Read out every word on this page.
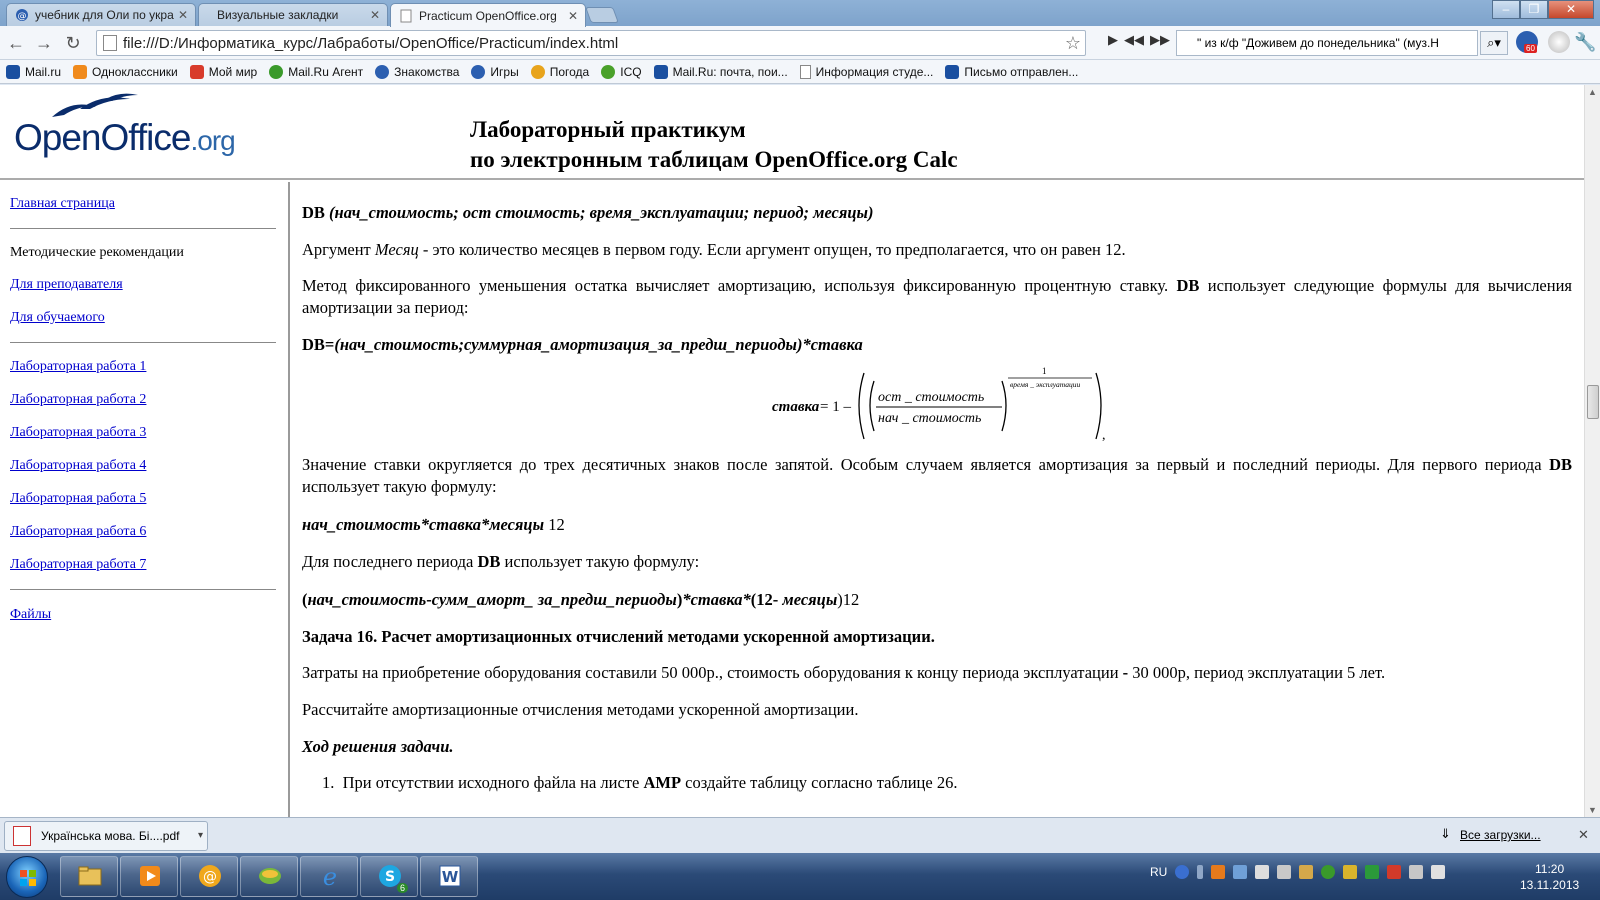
@ учебник для Оли по укра ✕ Визуальные закладки	✕	Practicum OpenOffice.org ✕	–	❐	✕
← → ↻	file:///D:/Информатика_курс/Лабработы/OpenOffice/Practicum/index.html	☆	▶ ◀◀ ▶▶	" из к/ф "Доживем до понедельника" (муз.Н	⌕▾	60 🔧
Mail.ru	Одноклассники	Мой мир	Mail.Ru Агент	Знакомства	Игры	Погода	ICQ	Mail.Ru: почта, пои... Информация студе...	Письмо отправлен...
OpenOffice.org	Лабораторный практикум
по электронным таблицам OpenOffice.org Calc
Главная страница
Методические рекомендации
Для преподавателя
Для обучаемого
Лабораторная работа 1
Лабораторная работа 2
Лабораторная работа 3
Лабораторная работа 4
Лабораторная работа 5
Лабораторная работа 6
Лабораторная работа 7
Файлы

DB (нач_стоимость; ост стоимость; время_эксплуатации; период; месяцы)

Аргумент Месяц - это количество месяцев в первом году. Если аргумент опущен, то предполагается, что он равен 12.

Метод фиксированного уменьшения остатка вычисляет амортизацию, используя фиксированную процентную ставку. DB использует следующие формулы для вычисления амортизации за период:

DB=(нач_стоимость;суммурная_амортизация_за_предш_периоды)*ставка

ставка = 1 –
ост _ стоимость
нач _ стоимость
1
время _ эксплуатации
,

Значение ставки округляется до трех десятичных знаков после запятой. Особым случаем является амортизация за первый и последний периоды. Для первого периода DB использует такую формулу:

нач_стоимость*ставка*месяцы 12

Для последнего периода DB использует такую формулу:

(нач_стоимость-сумм_аморт_ за_предш_периоды)*ставка*(12- месяцы)12

Задача 16. Расчет амортизационных отчислений методами ускоренной амортизации.

Затраты на приобретение оборудования составили 50 000р., стоимость оборудования к концу периода эксплуатации - 30 000р, период эксплуатации 5 лет.

Рассчитайте амортизационные отчисления методами ускоренной амортизации.

Ход решения задачи.

1. При отсутствии исходного файла на листе AMP создайте таблицу согласно таблице 26.

▲
▼
Українська мова. Бі....pdf ▾	⇓ Все загрузки...	✕
@	e	S
6
W	RU	11:20
13.11.2013
